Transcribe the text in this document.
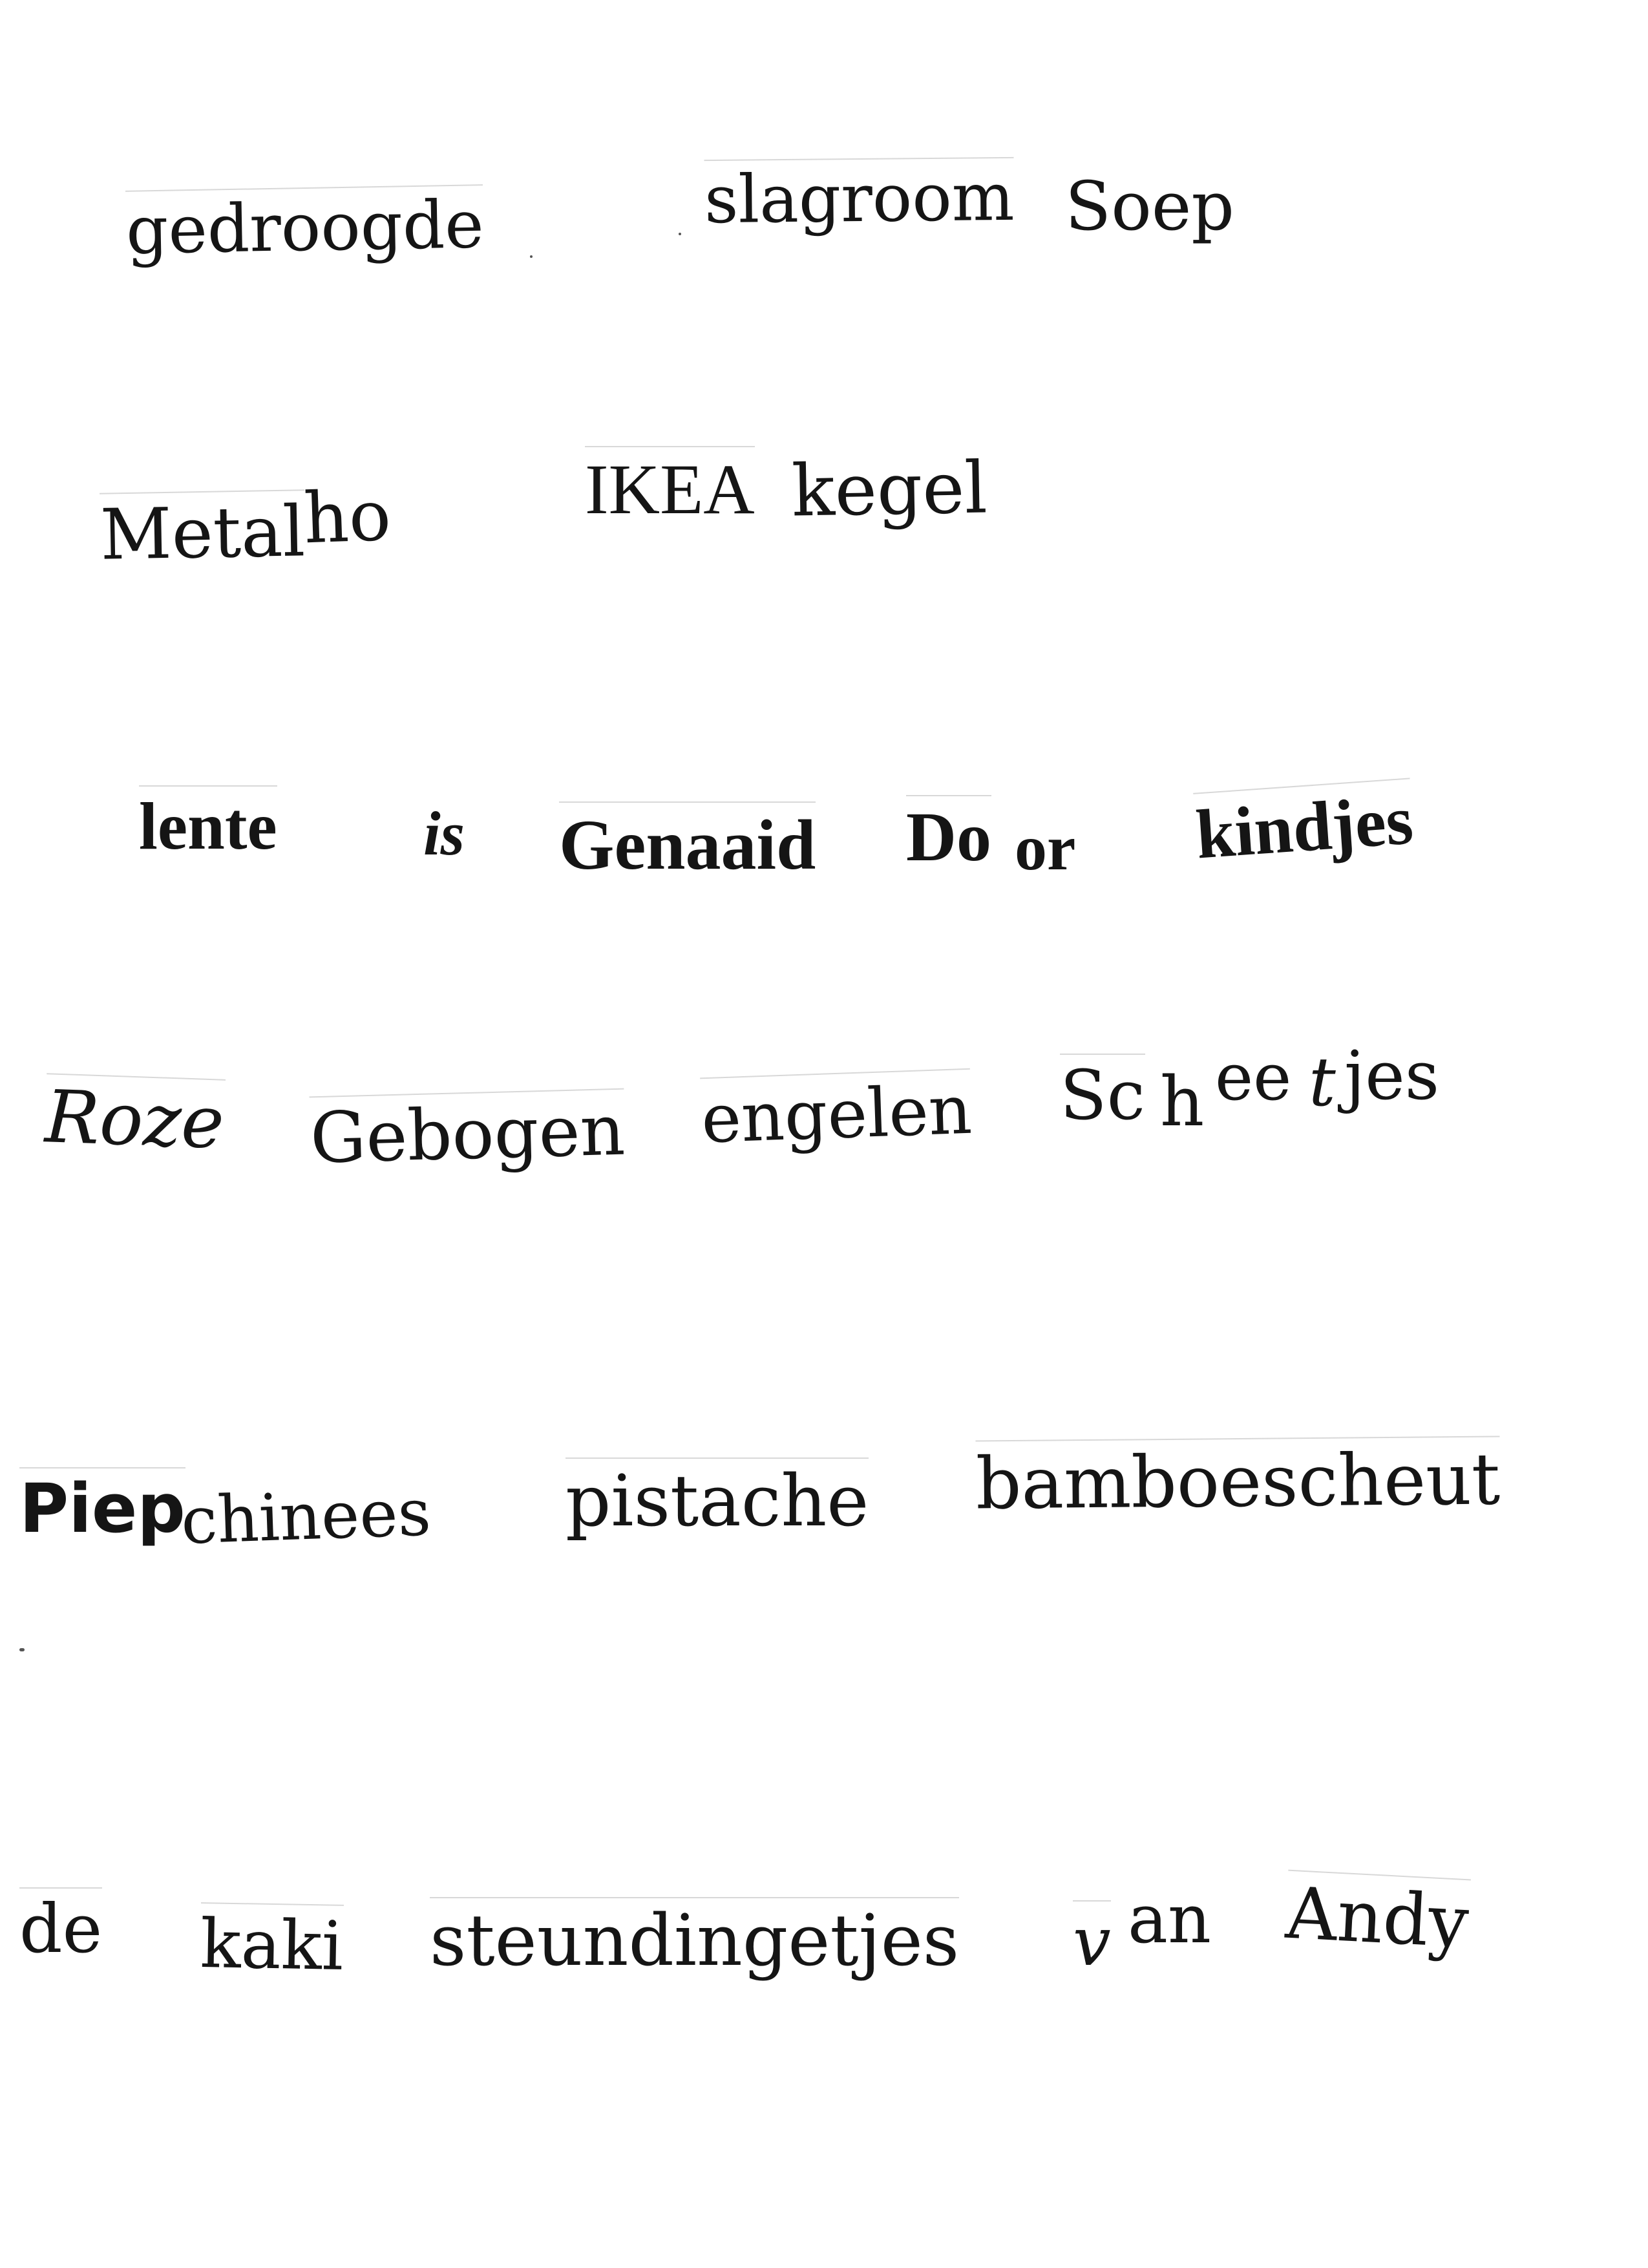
gedroogde	slagroom Soep
Metal
ho	IKEA kegel
lente is Genaaid Do or kindjes
Roze Gebogen engelen Sc h ee t jes
Piep
chinees pistache bamboescheut
de kaki steundingetjes v an Andy
